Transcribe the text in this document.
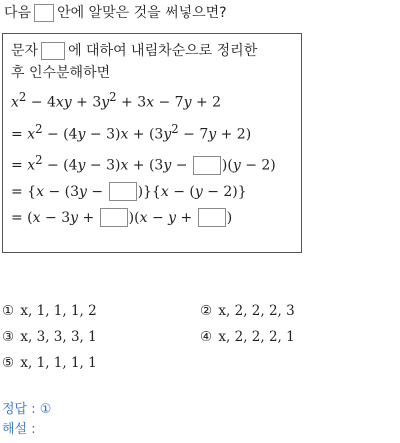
다음 안에 알맞은 것을 써넣으면?
문자 에 대하여 내림차순으로 정리한
후 인수분해하면
$x^2 - 4xy + 3y^2 + 3x - 7y + 2$
= $x^2 - (4y - 3)x + (3y^2 - 7y + 2)$
= $x^2 - (4y - 3)x + (3y - )(y - 2)$
= {x − (3y − )}{x − (y − 2)}
= (x − 3y + )(x − y + )
① x, 1, 1, 1, 2	② x, 2, 2, 2, 3
③ x, 3, 3, 3, 1	④ x, 2, 2, 2, 1
⑤ x, 1, 1, 1, 1
정답 : ①
해설 :
